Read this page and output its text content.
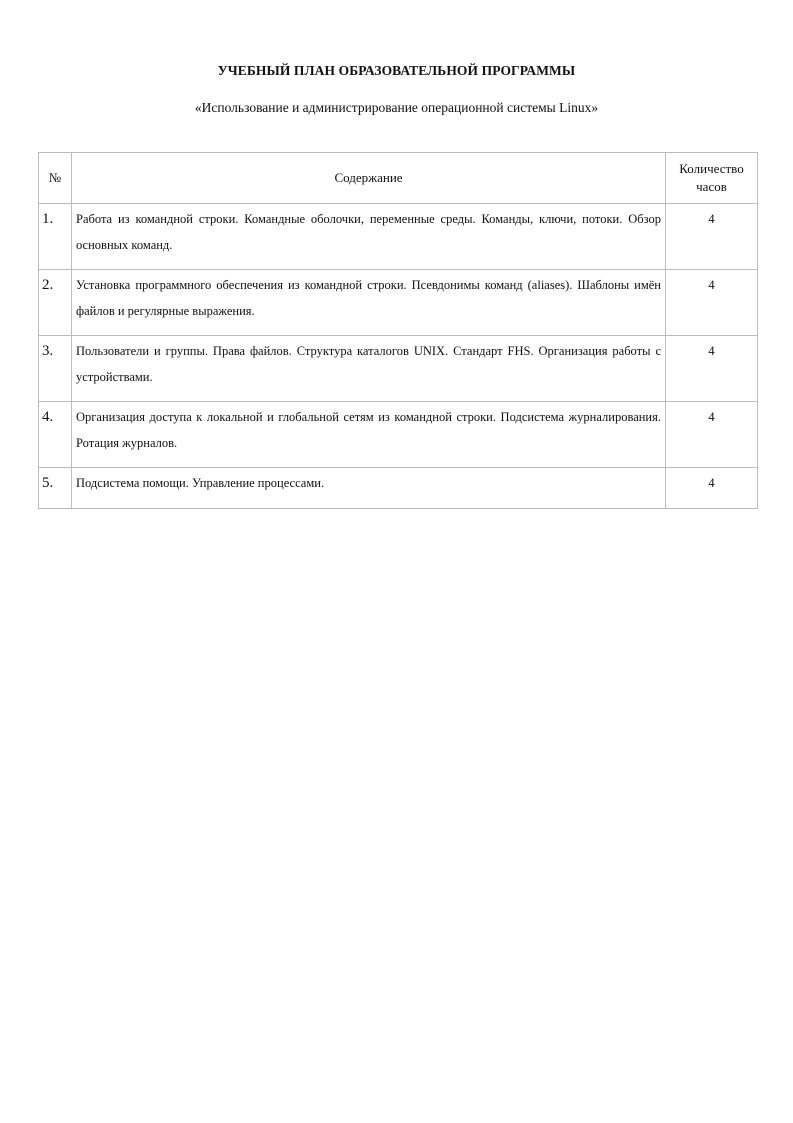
УЧЕБНЫЙ ПЛАН ОБРАЗОВАТЕЛЬНОЙ ПРОГРАММЫ
«Использование и администрирование операционной системы Linux»
№	Содержание	Количество часов
1.	Работа из командной строки. Командные оболочки, переменные среды. Команды, ключи, потоки. Обзор основных команд.	4
2.	Установка программного обеспечения из командной строки. Псевдонимы команд (aliases). Шаблоны имён файлов и регулярные выражения.	4
3.	Пользователи и группы. Права файлов. Структура каталогов UNIX. Стандарт FHS. Организация работы с устройствами.	4
4.	Организация доступа к локальной и глобальной сетям из командной строки. Подсистема журналирования. Ротация журналов.	4
5.	Подсистема помощи. Управление процессами.	4
